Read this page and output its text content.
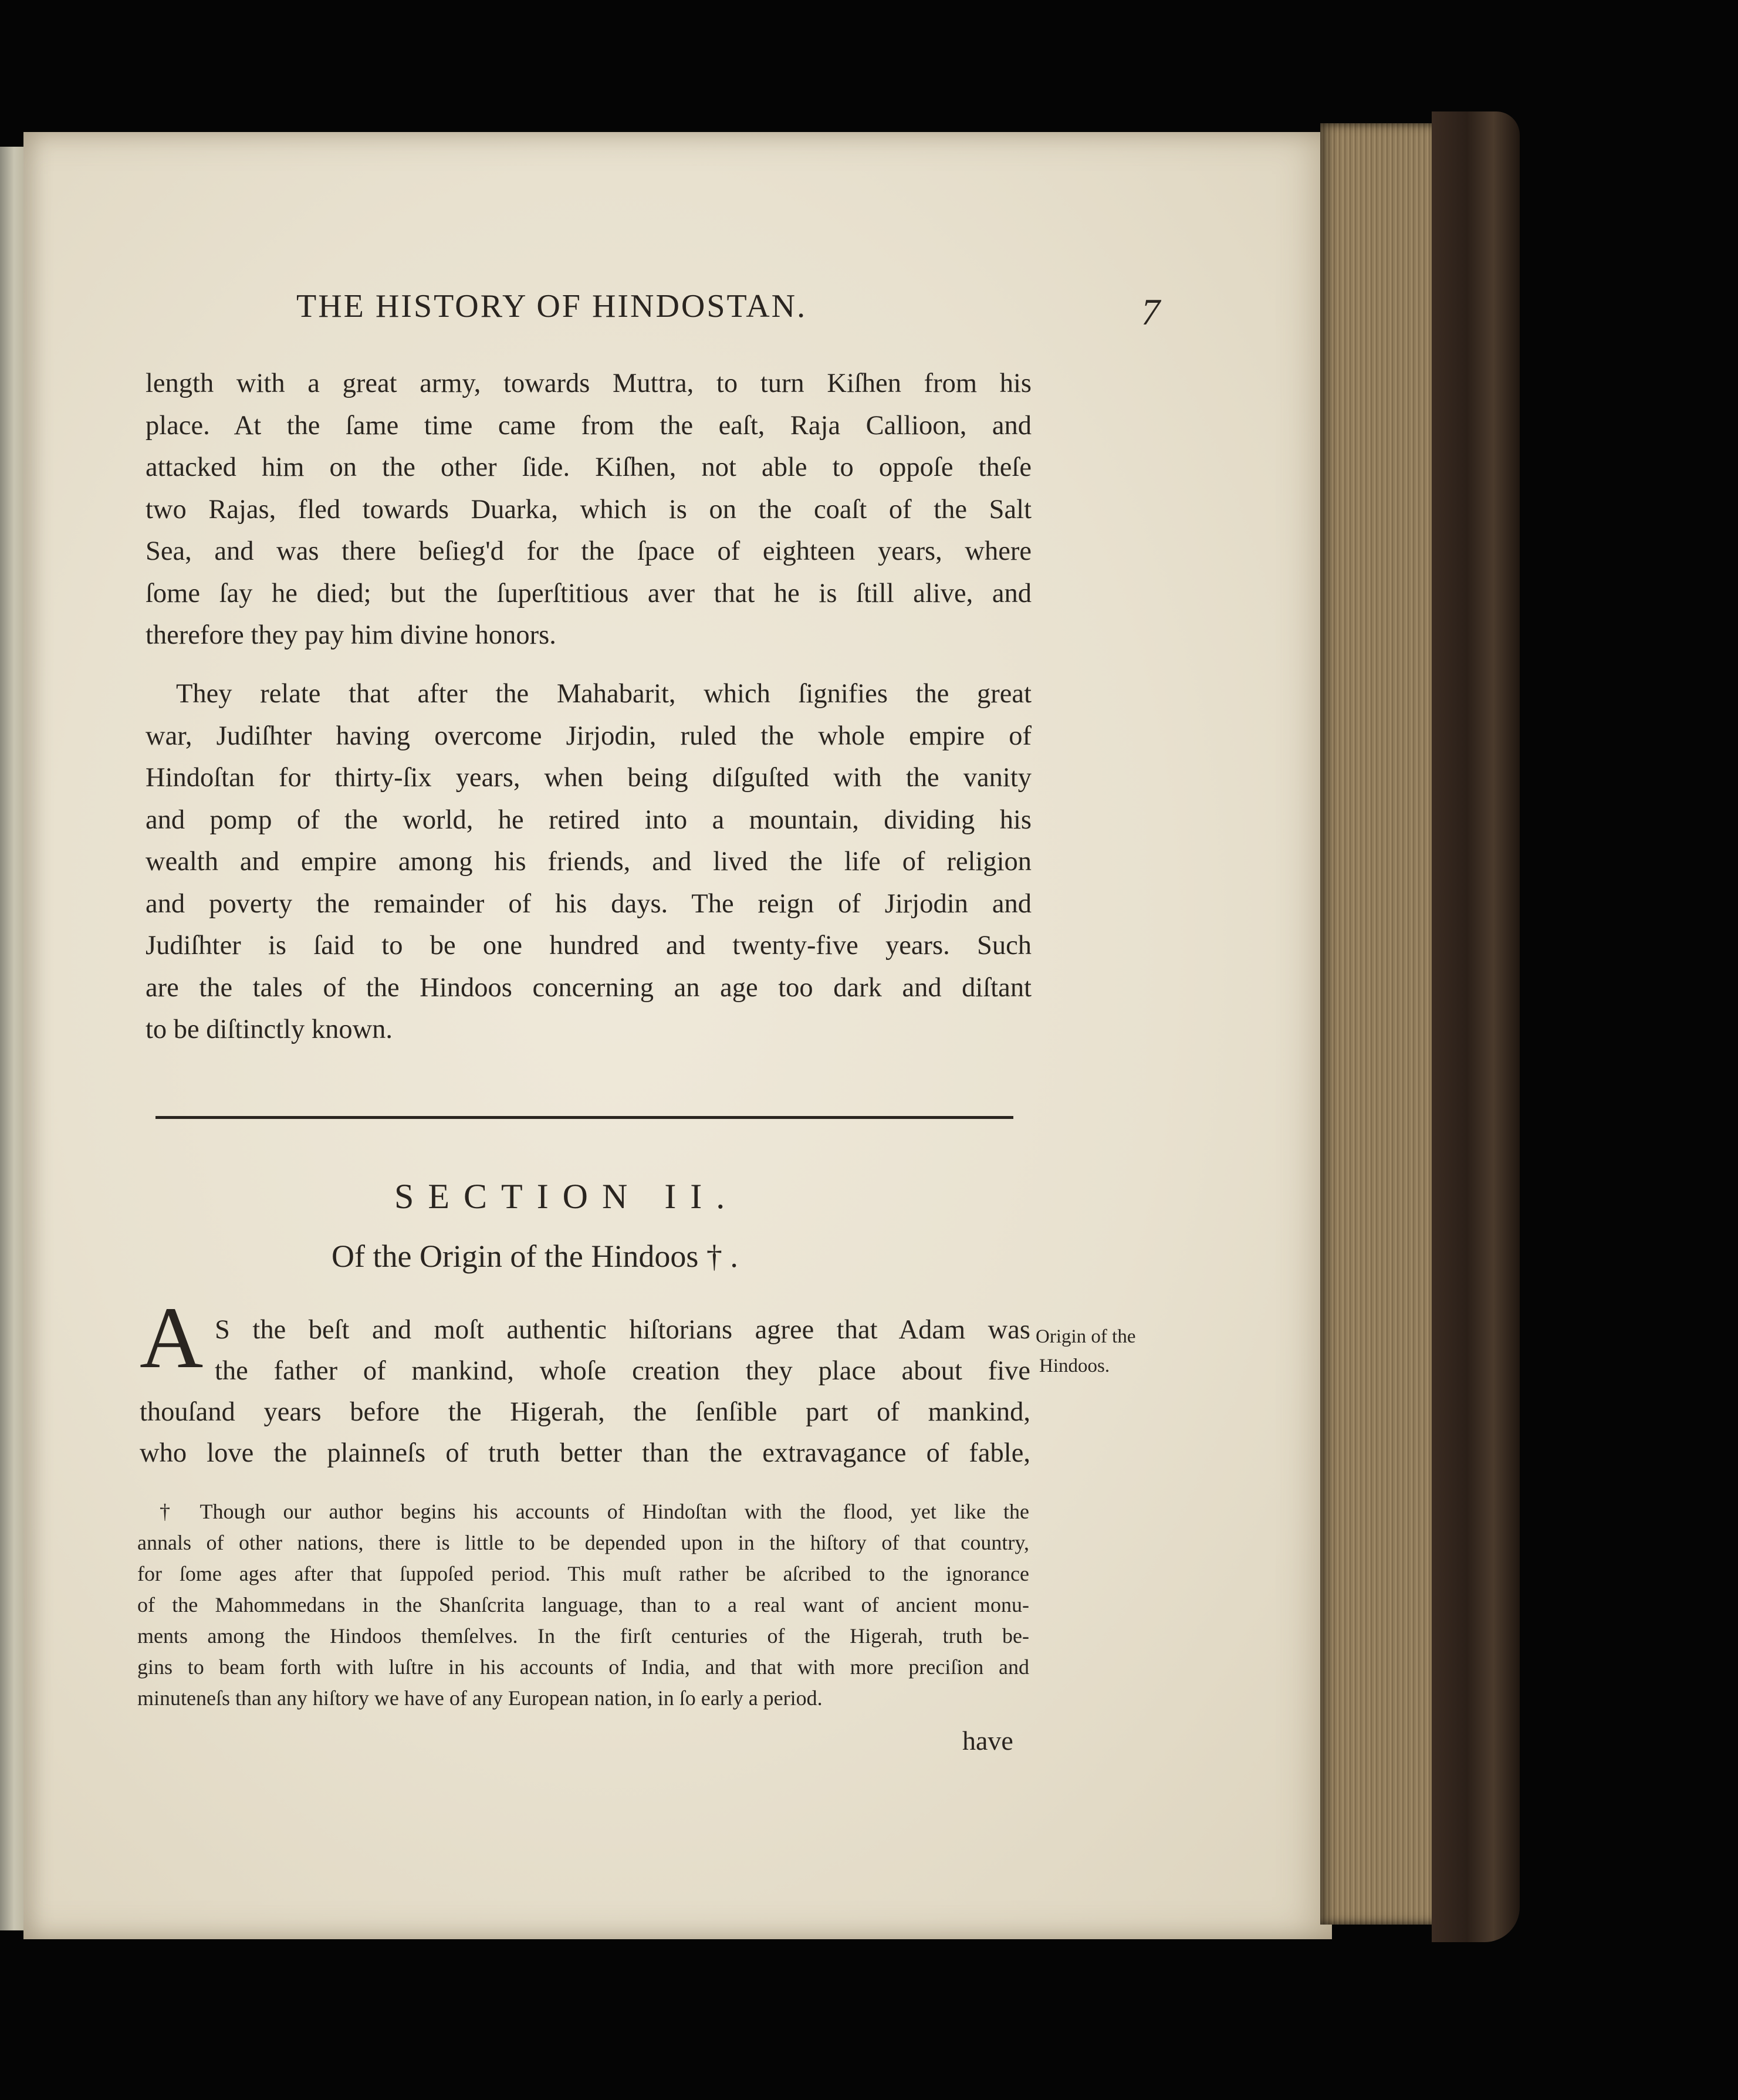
THE HISTORY OF HINDOSTAN.	7

length with a great army, towards Muttra, to turn Kiſhen from his
place. At the ſame time came from the eaſt, Raja Callioon, and
attacked him on the other ſide. Kiſhen, not able to oppoſe theſe
two Rajas, fled towards Duarka, which is on the coaſt of the Salt
Sea, and was there beſieg'd for the ſpace of eighteen years, where
ſome ſay he died; but the ſuperſtitious aver that he is ſtill alive, and
therefore they pay him divine honors.

They relate that after the Mahabarit, which ſignifies the great
war, Judiſhter having overcome Jirjodin, ruled the whole empire of
Hindoſtan for thirty-ſix years, when being diſguſted with the vanity
and pomp of the world, he retired into a mountain, dividing his
wealth and empire among his friends, and lived the life of religion
and poverty the remainder of his days. The reign of Jirjodin and
Judiſhter is ſaid to be one hundred and twenty-five years. Such
are the tales of the Hindoos concerning an age too dark and diſtant
to be diſtinctly known.

SECTION II.
Of the Origin of the Hindoos † .
A S the beſt and moſt authentic hiſtorians agree that Adam was
the father of mankind, whoſe creation they place about five
thouſand years before the Higerah, the ſenſible part of mankind,
who love the plainneſs of truth better than the extravagance of fable,

Origin of the
Hindoos.

† Though our author begins his accounts of Hindoſtan with the flood, yet like the
annals of other nations, there is little to be depended upon in the hiſtory of that country,
for ſome ages after that ſuppoſed period. This muſt rather be aſcribed to the ignorance
of the Mahommedans in the Shanſcrita language, than to a real want of ancient monu-
ments among the Hindoos themſelves. In the firſt centuries of the Higerah, truth be-
gins to beam forth with luſtre in his accounts of India, and that with more preciſion and
minuteneſs than any hiſtory we have of any European nation, in ſo early a period.

have
